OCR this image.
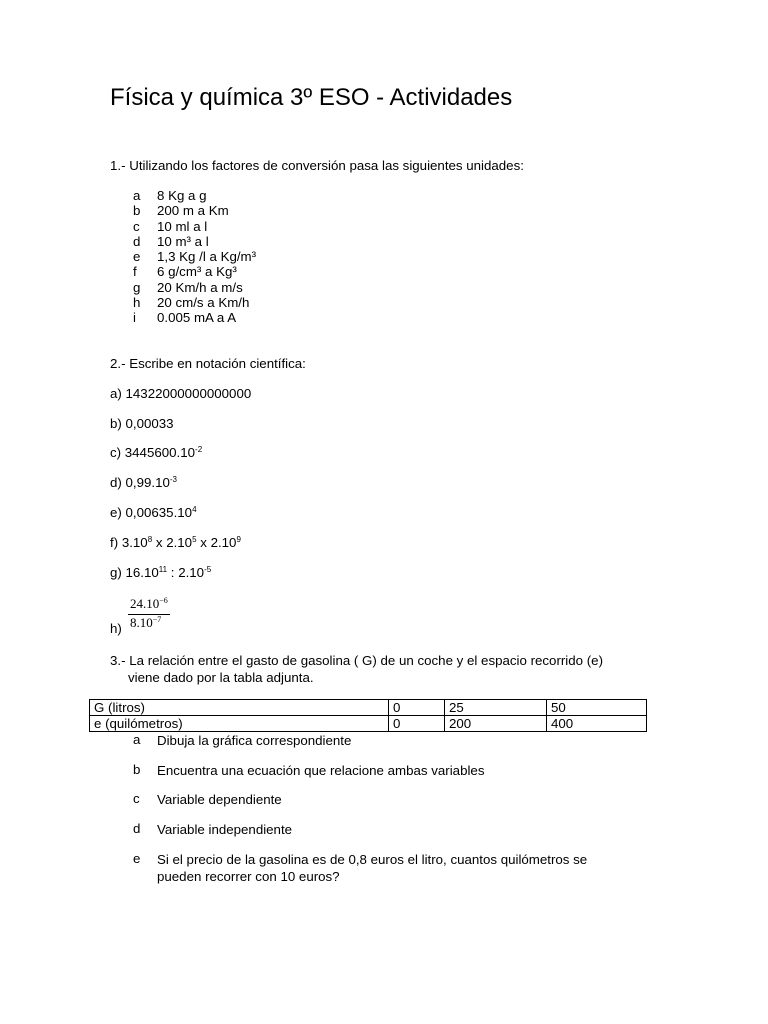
Física y química 3º ESO - Actividades
1.- Utilizando los factores de conversión pasa las siguientes unidades:
a 8 Kg a g
b 200 m a Km
c 10 ml a l
d 10 m³ a l
e 1,3 Kg /l a Kg/m³
f 6 g/cm³ a Kg³
g 20 Km/h a m/s
h 20 cm/s a Km/h
i 0.005 mA a A
2.- Escribe en notación científica:
a) 14322000000000000
b) 0,00033
c) $3445600.10^{-2}$
d) $0,99.10^{-3}$
e) 0,00635.10$^4$
f) 3.10$^8$ x 2.10$^5$ x 2.10$^9$
g) 16.10$^{11}$ : $2.10^{-5}$
$h) \frac{24.10^{-6}}{8.10^{-7}}$
3.- La relación entre el gasto de gasolina ( G) de un coche y el espacio recorrido (e)
viene dado por la tabla adjunta.
G (litros)	0	25	50
e (quilómetros)	0	200	400
a Dibuja la gráfica correspondiente
b Encuentra una ecuación que relacione ambas variables
c Variable dependiente
d Variable independiente
e Si el precio de la gasolina es de 0,8 euros el litro, cuantos quilómetros se
pueden recorrer con 10 euros?
